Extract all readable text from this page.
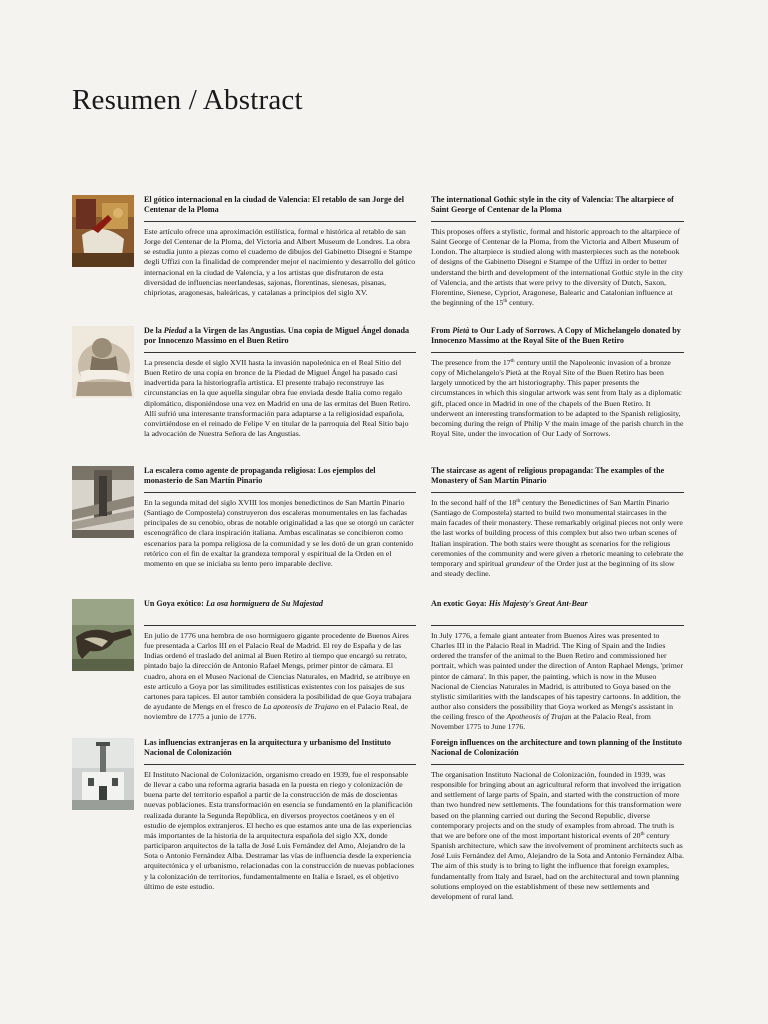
Resumen / Abstract

El gótico internacional en la ciudad de Valencia: El retablo de san Jorge del Centenar de la Ploma

Este artículo ofrece una aproximación estilística, formal e histórica al retablo de san Jorge del Centenar de la Ploma, del Victoria and Albert Museum de Londres. La obra se estudia junto a piezas como el cuaderno de dibujos del Gabinetto Disegni e Stampe degli Uffizi con la finalidad de comprender mejor el nacimiento y desarrollo del gótico internacional en la ciudad de Valencia, y a los artistas que disfrutaron de esta diversidad de influencias neerlandesas, sajonas, florentinas, sienesas, pisanas, chipriotas, aragonesas, baleáricas, y catalanas a principios del siglo XV.

The international Gothic style in the city of Valencia: The altarpiece of Saint George of Centenar de la Ploma

This proposes offers a stylistic, formal and historic approach to the altarpiece of Saint George of Centenar de la Ploma, from the Victoria and Albert Museum of London. The altarpiece is studied along with masterpieces such as the notebook of designs of the Gabinetto Disegni e Stampe of the Uffizi in order to better understand the birth and development of the international Gothic style in the city of Valencia, and the artists that were privy to the diversity of Dutch, Saxon, Florentine, Sienese, Cypriot, Aragonese, Balearic and Catalonian influence at the beginning of the 15th century.

De la Piedad a la Virgen de las Angustias. Una copia de Miguel Ángel donada por Innocenzo Massimo en el Buen Retiro

La presencia desde el siglo XVII hasta la invasión napoleónica en el Real Sitio del Buen Retiro de una copia en bronce de la Piedad de Miguel Ángel ha pasado casi inadvertida para la historiografía artística. El presente trabajo reconstruye las circunstancias en la que aquella singular obra fue enviada desde Italia como regalo diplomático, disponiéndose una vez en Madrid en una de las ermitas del Buen Retiro. Allí sufrió una interesante transformación para adaptarse a la religiosidad española, convirtiéndose en el reinado de Felipe V en titular de la parroquia del Real Sitio bajo la advocación de Nuestra Señora de las Angustias.

From Pietà to Our Lady of Sorrows. A Copy of Michelangelo donated by Innocenzo Massimo at the Royal Site of the Buen Retiro

The presence from the 17th century until the Napoleonic invasion of a bronze copy of Michelangelo's Pietà at the Royal Site of the Buen Retiro has been largely unnoticed by the art historiography. This paper presents the circumstances in which this singular artwork was sent from Italy as a diplomatic gift, placed once in Madrid in one of the chapels of the Buen Retiro. It underwent an interesting transformation to be adapted to the Spanish religiosity, becoming during the reign of Philip V the main image of the parish church in the Royal Site, under the invocation of Our Lady of Sorrows.

La escalera como agente de propaganda religiosa: Los ejemplos del monasterio de San Martín Pinario

En la segunda mitad del siglo XVIII los monjes benedictinos de San Martín Pinario (Santiago de Compostela) construyeron dos escaleras monumentales en las fachadas principales de su cenobio, obras de notable originalidad a las que se otorgó un carácter escenográfico de clara inspiración italiana. Ambas escalinatas se concibieron como escenarios para la pompa religiosa de la comunidad y se les dotó de un gran contenido retórico con el fin de exaltar la grandeza temporal y espiritual de la Orden en el momento en que se iniciaba su lento pero imparable declive.

The staircase as agent of religious propaganda: The examples of the Monastery of San Martín Pinario

In the second half of the 18th century the Benedictines of San Martín Pinario (Santiago de Compostela) started to build two monumental staircases in the main facades of their monastery. These remarkably original pieces not only were the last works of building process of this complex but also two urban scenes of Italian inspiration. The both stairs were thought as scenarios for the religious ceremonies of the community and were given a rhetoric meaning to celebrate the temporary and spiritual grandeur of the Order just at the beginning of its slow and steady decline.

Un Goya exótico: La osa hormiguera de Su Majestad

En julio de 1776 una hembra de oso hormiguero gigante procedente de Buenos Aires fue presentada a Carlos III en el Palacio Real de Madrid. El rey de España y de las Indias ordenó el traslado del animal al Buen Retiro al tiempo que encargó su retrato, pintado bajo la dirección de Antonio Rafael Mengs, primer pintor de cámara. El cuadro, ahora en el Museo Nacional de Ciencias Naturales, en Madrid, se atribuye en este artículo a Goya por las similitudes estilísticas existentes con los paisajes de sus cartones para tapices. El autor también considera la posibilidad de que Goya trabajara de ayudante de Mengs en el fresco de La apoteosis de Trajano en el Palacio Real, de noviembre de 1775 a junio de 1776.

An exotic Goya: His Majesty's Great Ant-Bear

In July 1776, a female giant anteater from Buenos Aires was presented to Charles III in the Palacio Real in Madrid. The King of Spain and the Indies ordered the transfer of the animal to the Buen Retiro and commissioned her portrait, which was painted under the direction of Anton Raphael Mengs, 'primer pintor de cámara'. In this paper, the painting, which is now in the Museo Nacional de Ciencias Naturales in Madrid, is attributed to Goya based on the stylistic similarities with the landscapes of his tapestry cartoons. In addition, the author also considers the possibility that Goya worked as Mengs's assistant in the ceiling fresco of the Apotheosis of Trajan at the Palacio Real, from November 1775 to June 1776.

Las influencias extranjeras en la arquitectura y urbanismo del Instituto Nacional de Colonización

El Instituto Nacional de Colonización, organismo creado en 1939, fue el responsable de llevar a cabo una reforma agraria basada en la puesta en riego y colonización de buena parte del territorio español a partir de la construcción de más de doscientas nuevas poblaciones. Esta transformación en esencia se fundamentó en la planificación realizada durante la Segunda República, en diversos proyectos coetáneos y en el estudio de ejemplos extranjeros. El hecho es que estamos ante una de las experiencias más importantes de la historia de la arquitectura española del siglo XX, donde participaron arquitectos de la talla de José Luis Fernández del Amo, Alejandro de la Sota o Antonio Fernández Alba. Destramar las vías de influencia desde la experiencia arquitectónica y el urbanismo, relacionadas con la construcción de nuevas poblaciones y la colonización de territorios, fundamentalmente en Italia e Israel, es el objetivo último de este estudio.

Foreign influences on the architecture and town planning of the Instituto Nacional de Colonización

The organisation Instituto Nacional de Colonización, founded in 1939, was responsible for bringing about an agricultural reform that involved the irrigation and settlement of large parts of Spain, and started with the construction of more than two hundred new settlements. The foundations for this transformation were based on the planning carried out during the Second Republic, diverse contemporary projects and on the study of examples from abroad. The truth is that we are before one of the most important historical events of 20th century Spanish architecture, which saw the involvement of prominent architects such as José Luis Fernández del Amo, Alejandro de la Sota and Antonio Fernández Alba. The aim of this study is to bring to light the influence that foreign examples, fundamentally from Italy and Israel, had on the architectural and town planning solutions employed on the establishment of these new settlements and development of rural land.
